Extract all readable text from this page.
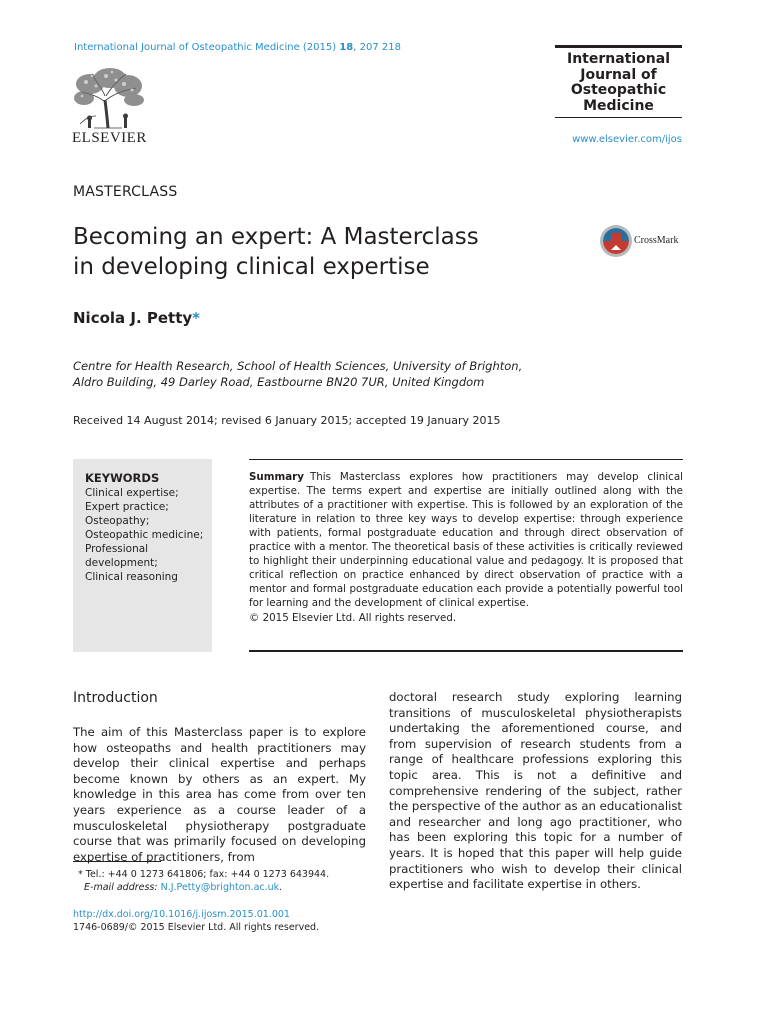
International Journal of Osteopathic Medicine (2015) 18, 207 218
ELSEVIER
International
Journal of
Osteopathic
Medicine
www.elsevier.com/ijos
MASTERCLASS
Becoming an expert: A Masterclass
in developing clinical expertise
CrossMark
Nicola J. Petty*
Centre for Health Research, School of Health Sciences, University of Brighton,
Aldro Building, 49 Darley Road, Eastbourne BN20 7UR, United Kingdom
Received 14 August 2014; revised 6 January 2015; accepted 19 January 2015
KEYWORDS
Clinical expertise;
Expert practice;
Osteopathy;
Osteopathic medicine;
Professional
development;
Clinical reasoning
Summary This Masterclass explores how practitioners may develop clinical expertise. The terms expert and expertise are initially outlined along with the attributes of a practitioner with expertise. This is followed by an exploration of the literature in relation to three key ways to develop expertise: through experience with patients, formal postgraduate education and through direct observation of practice with a mentor. The theoretical basis of these activities is critically reviewed to highlight their underpinning educational value and pedagogy. It is proposed that critical reflection on practice enhanced by direct observation of practice with a mentor and formal postgraduate education each provide a potentially powerful tool for learning and the development of clinical expertise.
© 2015 Elsevier Ltd. All rights reserved.
Introduction
The aim of this Masterclass paper is to explore how osteopaths and health practitioners may develop their clinical expertise and perhaps become known by others as an expert. My knowledge in this area has come from over ten years experience as a course leader of a musculoskeletal physiotherapy postgraduate course that was primarily focused on developing expertise of practitioners, from
doctoral research study exploring learning transitions of musculoskeletal physiotherapists undertaking the aforementioned course, and from supervision of research students from a range of healthcare professions exploring this topic area. This is not a definitive and comprehensive rendering of the subject, rather the perspective of the author as an educationalist and researcher and long ago practitioner, who has been exploring this topic for a number of years. It is hoped that this paper will help guide practitioners who wish to develop their clinical expertise and facilitate expertise in others.
* Tel.: +44 0 1273 641806; fax: +44 0 1273 643944.
E-mail address: N.J.Petty@brighton.ac.uk.
http://dx.doi.org/10.1016/j.ijosm.2015.01.001
1746-0689/© 2015 Elsevier Ltd. All rights reserved.
